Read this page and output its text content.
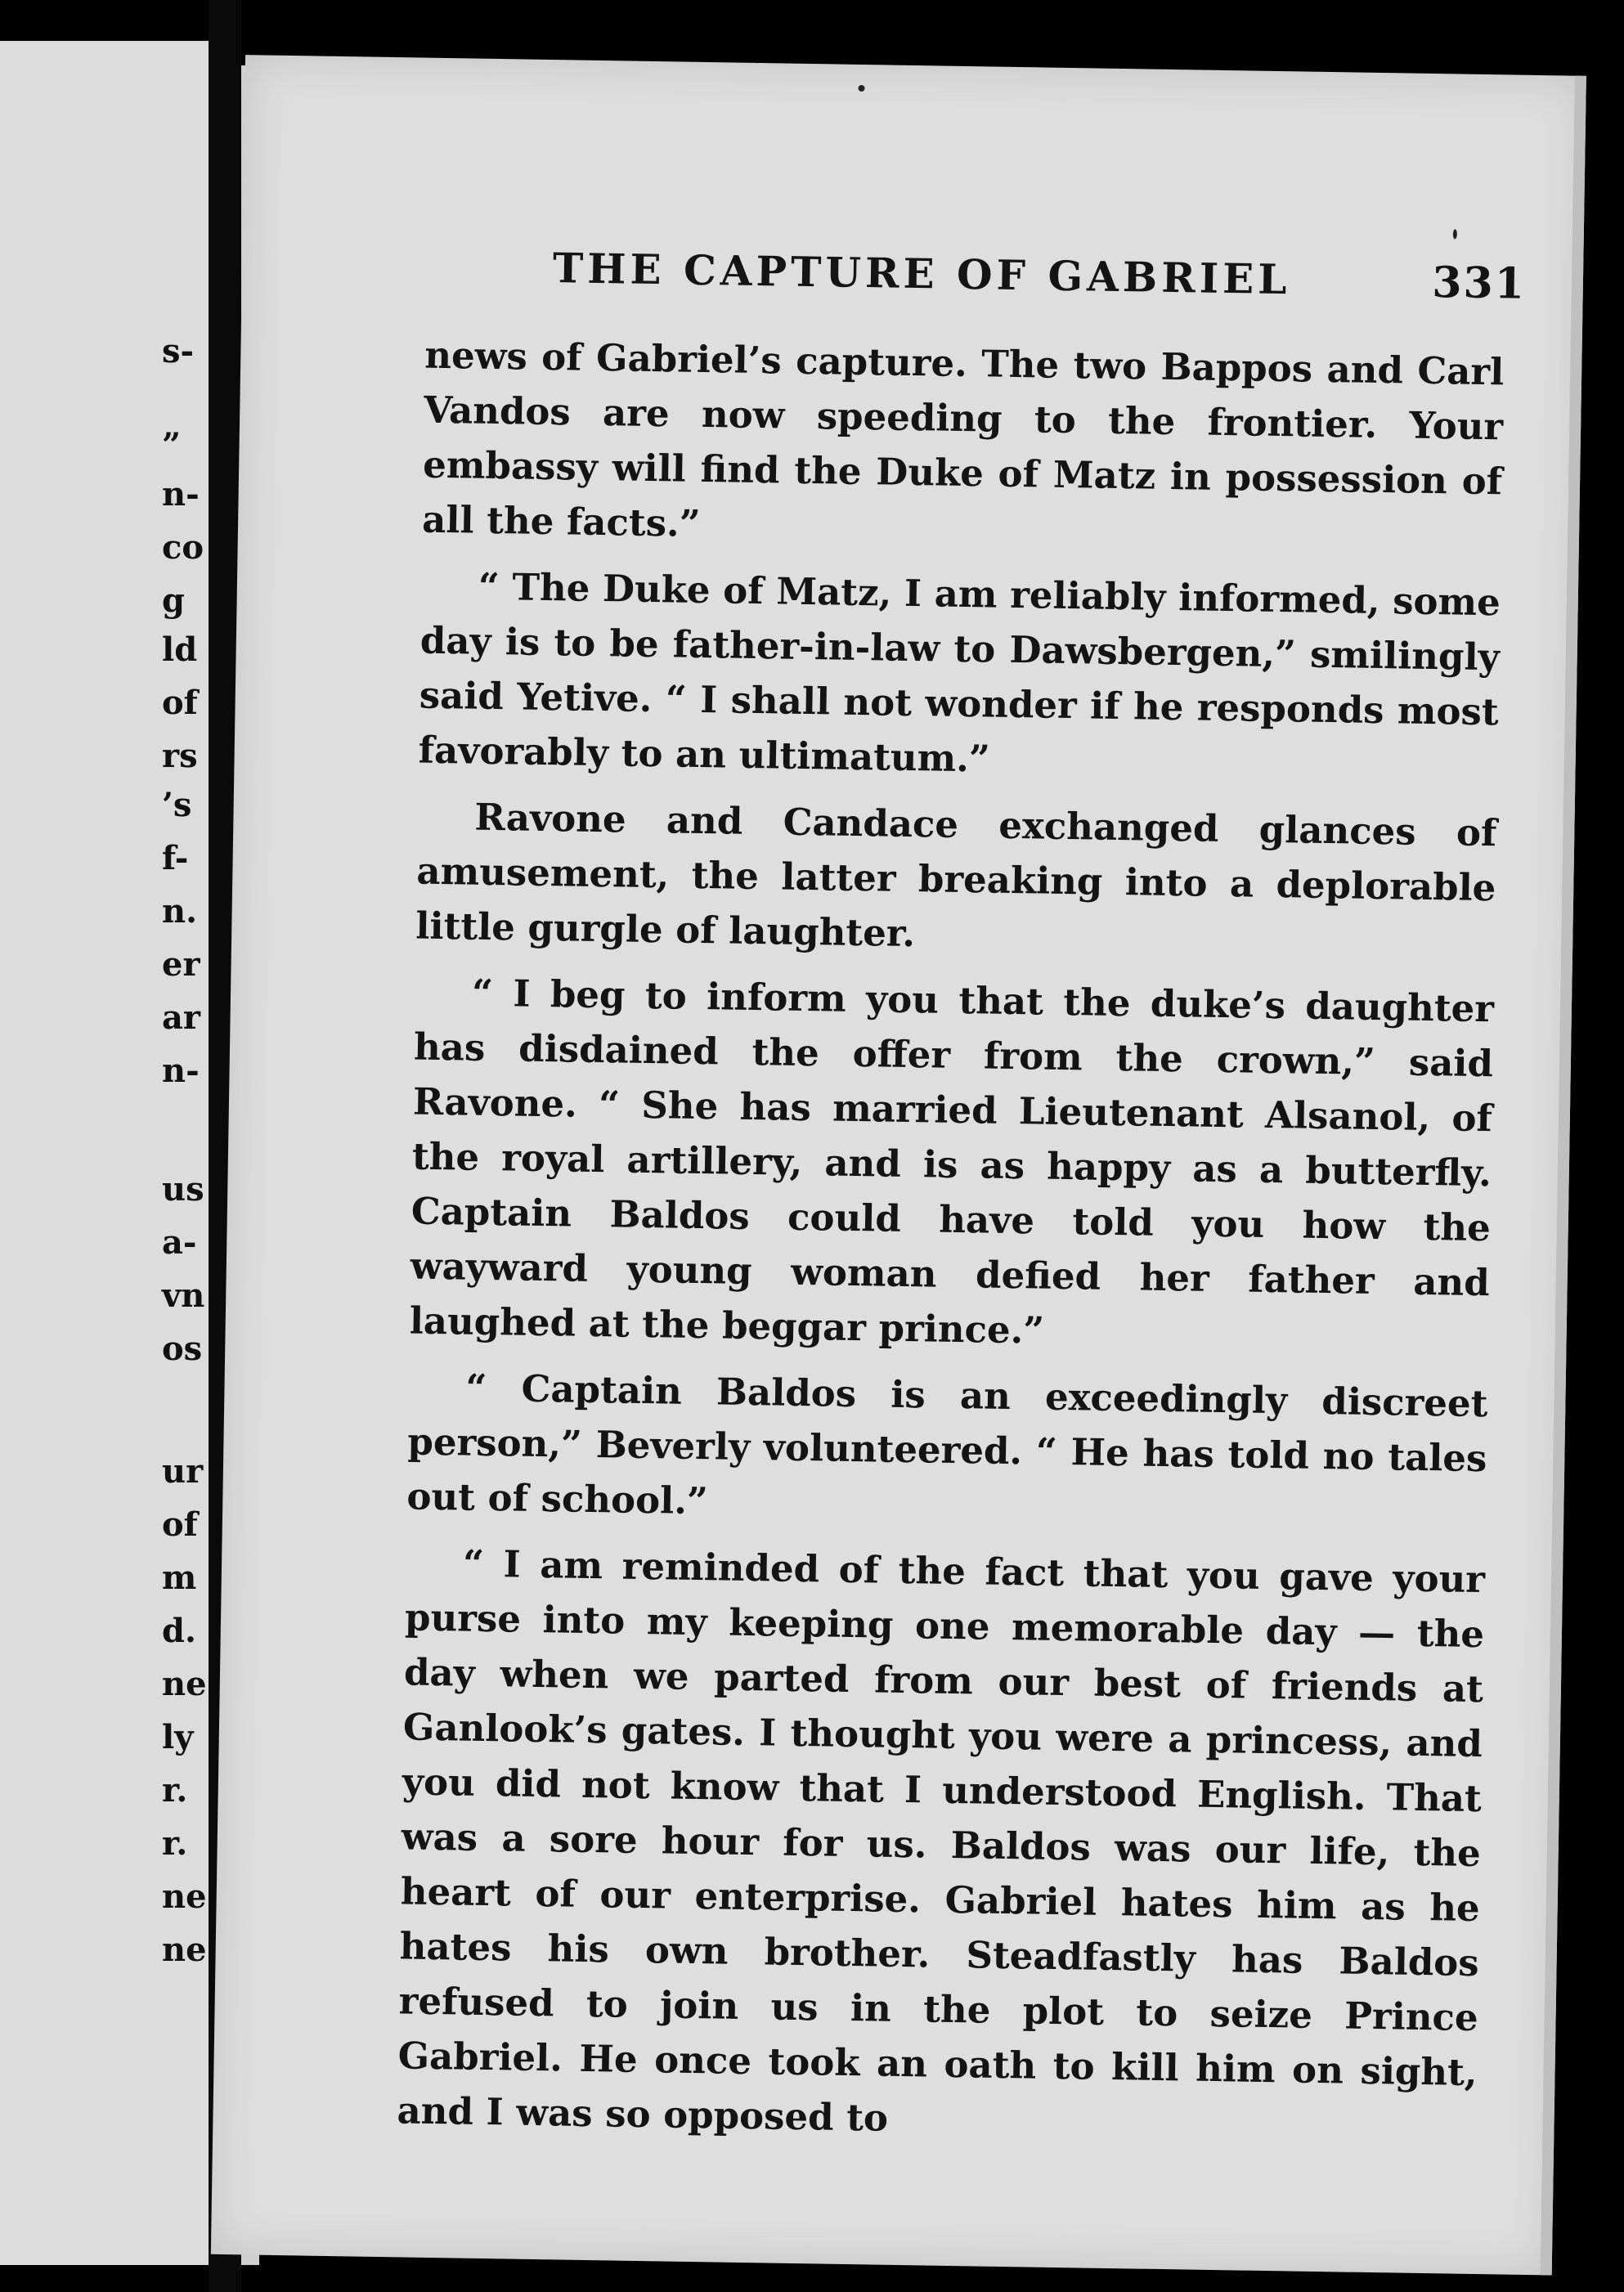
s-
”
n-
co
g
ld
of
rs
’s
f-
n.
er
ar
n-
us
a-
vn
os
ur
of
m
d.
ne
ly
r.
r.
ne
ne
THE CAPTURE OF GABRIEL	331

news of Gabriel’s capture. The two Bappos and Carl Vandos are now speeding to the frontier. Your embassy will find the Duke of Matz in possession of all the facts.”

“ The Duke of Matz, I am reliably informed, some day is to be father-in-law to Dawsbergen,” smilingly said Yetive. “ I shall not wonder if he responds most favorably to an ultimatum.”

Ravone and Candace exchanged glances of amusement, the latter breaking into a deplorable little gurgle of laughter.

“ I beg to inform you that the duke’s daughter has disdained the offer from the crown,” said Ravone. “ She has married Lieutenant Alsanol, of the royal artillery, and is as happy as a butterfly. Captain Baldos could have told you how the wayward young woman defied her father and laughed at the beggar prince.”

“ Captain Baldos is an exceedingly discreet person,” Beverly volunteered. “ He has told no tales out of school.”

“ I am reminded of the fact that you gave your purse into my keeping one memorable day — the day when we parted from our best of friends at Ganlook’s gates. I thought you were a princess, and you did not know that I understood English. That was a sore hour for us. Baldos was our life, the heart of our enterprise. Gabriel hates him as he hates his own brother. Steadfastly has Baldos refused to join us in the plot to seize Prince Gabriel. He once took an oath to kill him on sight, and I was so opposed to
